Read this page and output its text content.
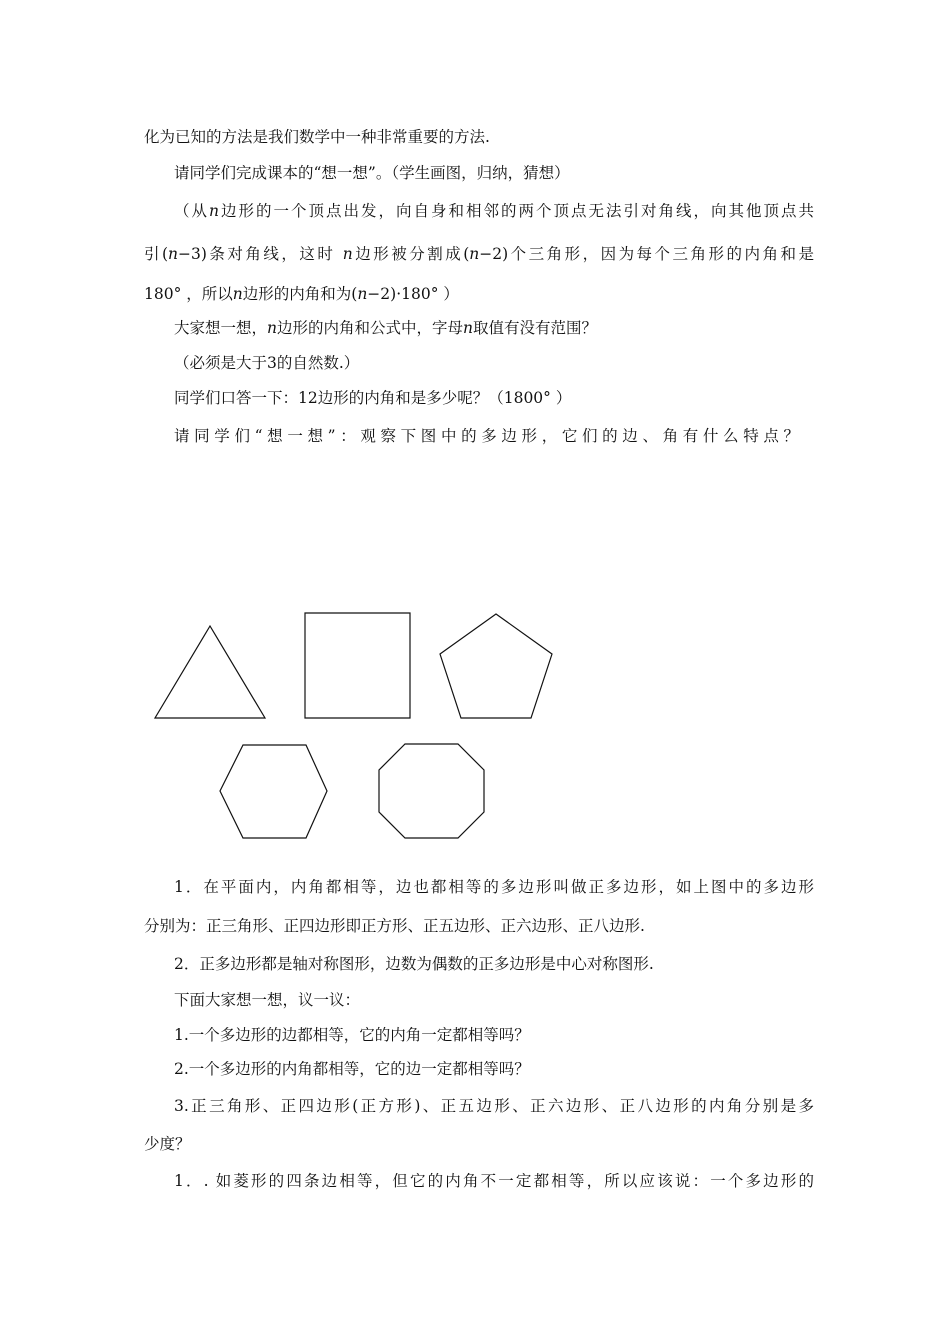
化为已知的方法是我们数学中一种非常重要的方法.
请同学们完成课本的“想一想”。（学生画图，归纳，猜想）
（从n边形的一个顶点出发，向自身和相邻的两个顶点无法引对角线，向其他顶点共
引(n−3)条对角线，这时 n边形被分割成(n−2)个三角形，因为每个三角形的内角和是
180° ，所以n边形的内角和为(n−2)·180° ）
大家想一想，n边形的内角和公式中，字母n取值有没有范围？
（必须是大于3的自然数.）
同学们口答一下：12边形的内角和是多少呢？（1800° ）
请同学们“想一想”：观察下图中的多边形，它们的边、角有什么特点？
1．在平面内，内角都相等，边也都相等的多边形叫做正多边形，如上图中的多边形
分别为：正三角形、正四边形即正方形、正五边形、正六边形、正八边形.
2．正多边形都是轴对称图形，边数为偶数的正多边形是中心对称图形.
下面大家想一想，议一议：
1.一个多边形的边都相等，它的内角一定都相等吗？
2.一个多边形的内角都相等，它的边一定都相等吗？
3.正三角形、正四边形(正方形)、正五边形、正六边形、正八边形的内角分别是多
少度？
1．. 如菱形的四条边相等，但它的内角不一定都相等，所以应该说：一个多边形的
